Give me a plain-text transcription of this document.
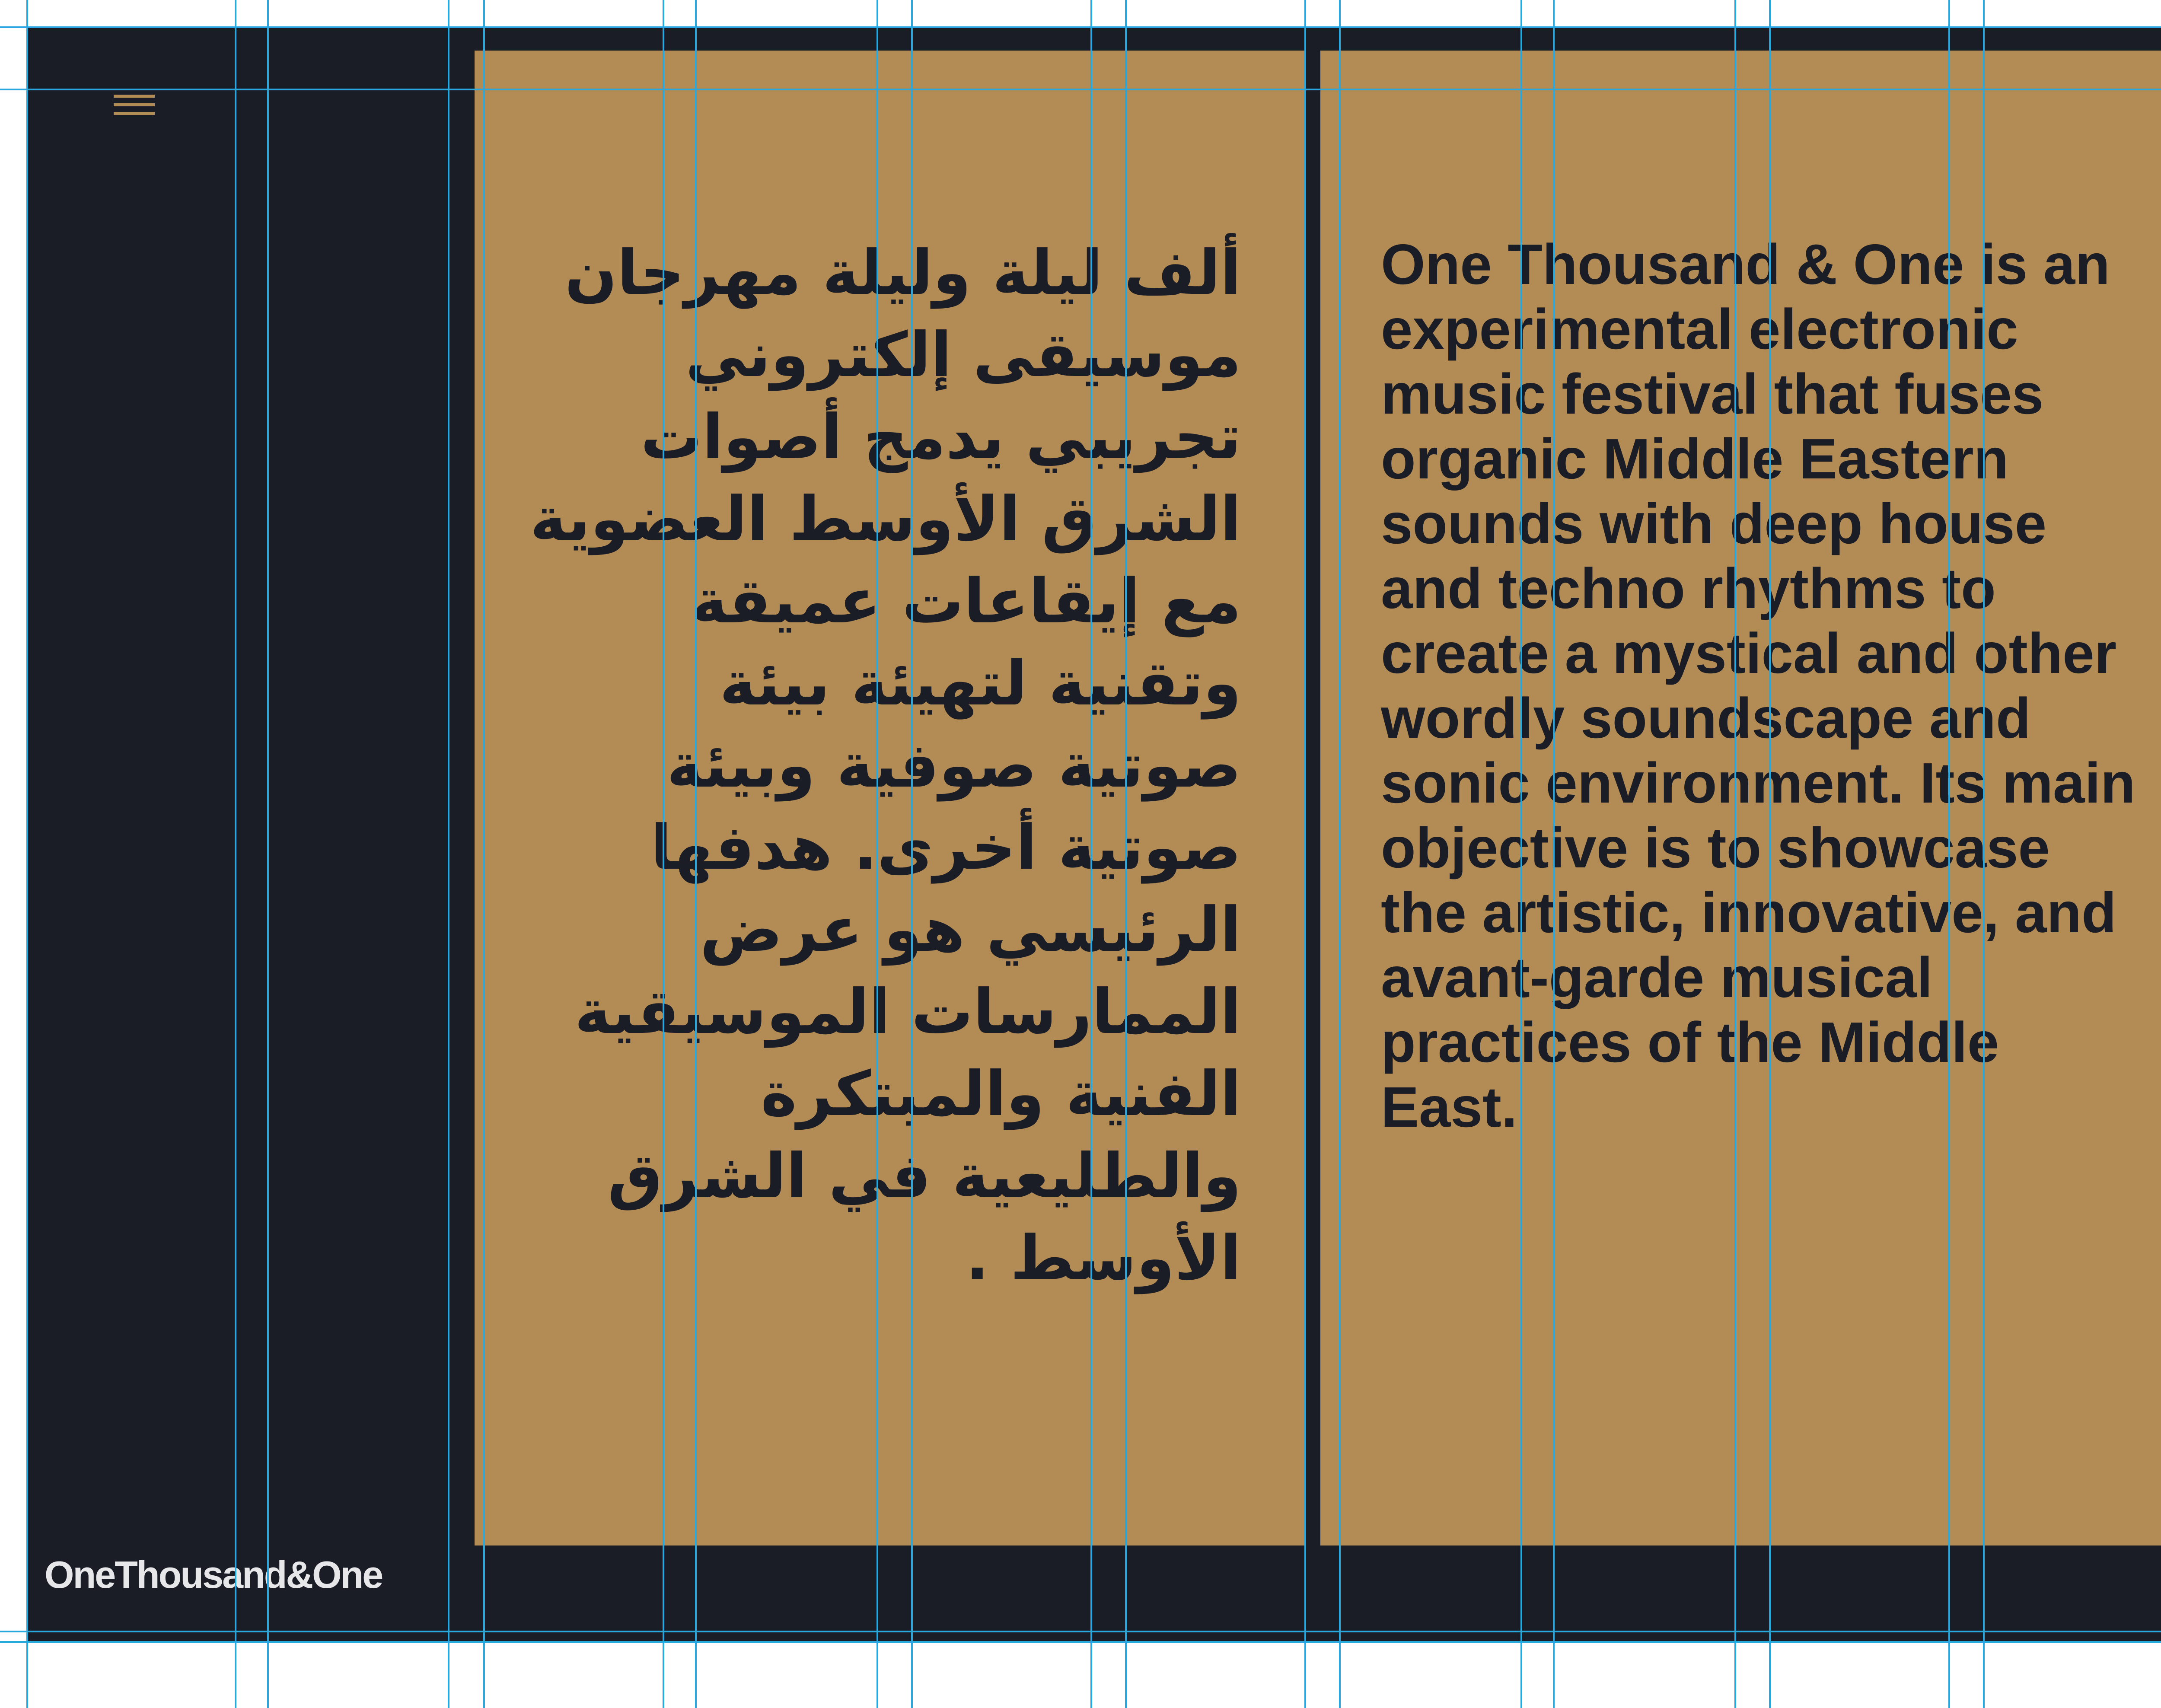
ألف ليلة وليلة مهرجان موسيقى إلكتروني تجريبي يدمج أصوات الشرق الأوسط العضوية مع إيقاعات عميقة وتقنية لتهيئة بيئة صوتية صوفية وبيئة صوتية أخرى. هدفها الرئيسي هو عرض الممارسات الموسيقية الفنية والمبتكرة والطليعية في الشرق الأوسط .

One Thousand & One is an experimental electronic music festival that fuses organic Middle Eastern sounds with deep house and techno rhythms to create a mystical and other wordly soundscape and sonic environment. Its main objective is to showcase the artistic, innovative, and avant-garde musical practices of the Middle East.

OneThousand&One
